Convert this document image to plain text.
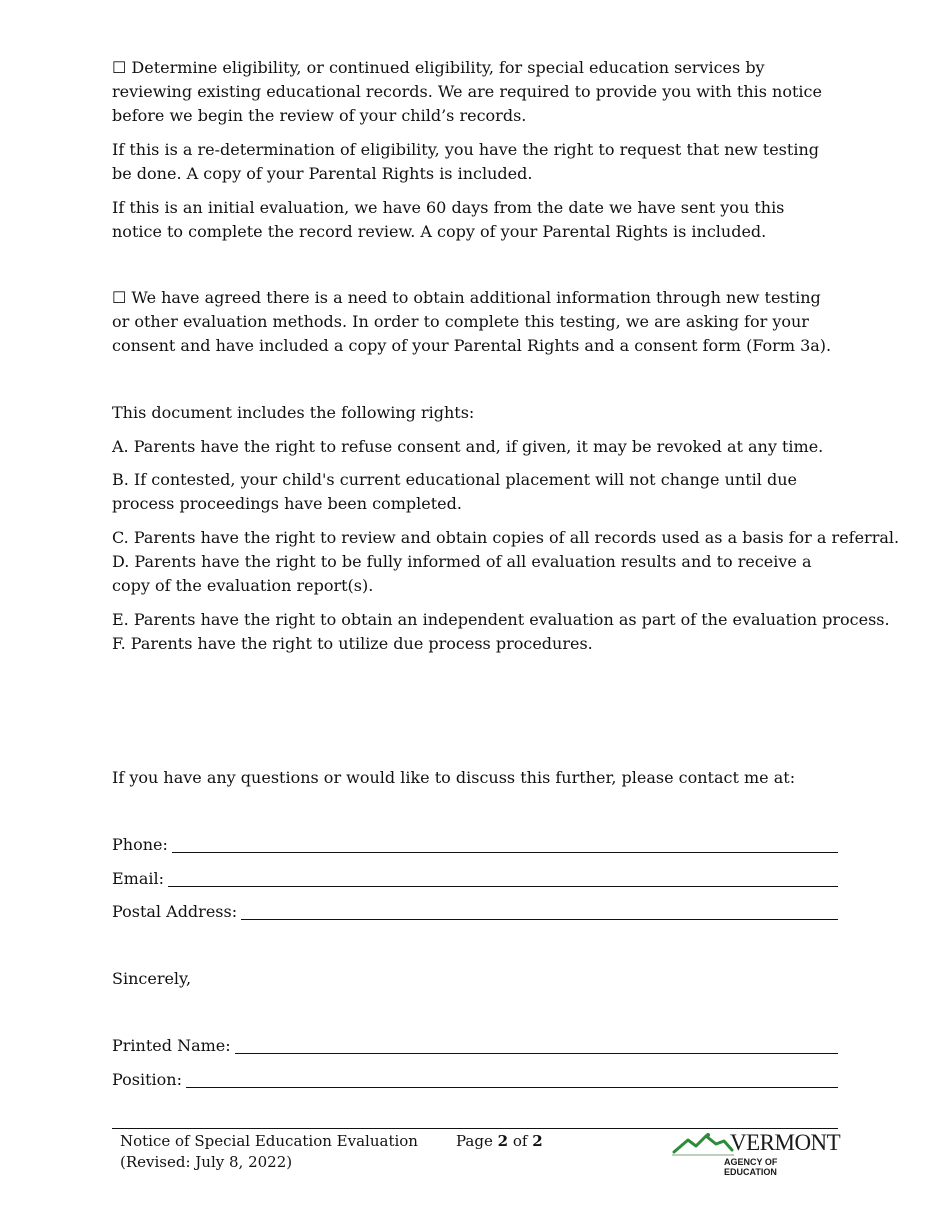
☐ Determine eligibility, or continued eligibility, for special education services by reviewing existing educational records. We are required to provide you with this notice before we begin the review of your child’s records.

If this is a re-determination of eligibility, you have the right to request that new testing be done. A copy of your Parental Rights is included.

If this is an initial evaluation, we have 60 days from the date we have sent you this notice to complete the record review. A copy of your Parental Rights is included.

☐ We have agreed there is a need to obtain additional information through new testing or other evaluation methods. In order to complete this testing, we are asking for your consent and have included a copy of your Parental Rights and a consent form (Form 3a).

This document includes the following rights:
A. Parents have the right to refuse consent and, if given, it may be revoked at any time.

B. If contested, your child's current educational placement will not change until due process proceedings have been completed.

C. Parents have the right to review and obtain copies of all records used as a basis for a referral.

D. Parents have the right to be fully informed of all evaluation results and to receive a copy of the evaluation report(s).

E. Parents have the right to obtain an independent evaluation as part of the evaluation process.
F. Parents have the right to utilize due process procedures.
If you have any questions or would like to discuss this further, please contact me at:
Phone:
Email:
Postal Address:
Sincerely,
Printed Name:
Position:
Notice of Special Education Evaluation
(Revised: July 8, 2022)
Page 2 of 2	VERMONT
AGENCY OF EDUCATION
